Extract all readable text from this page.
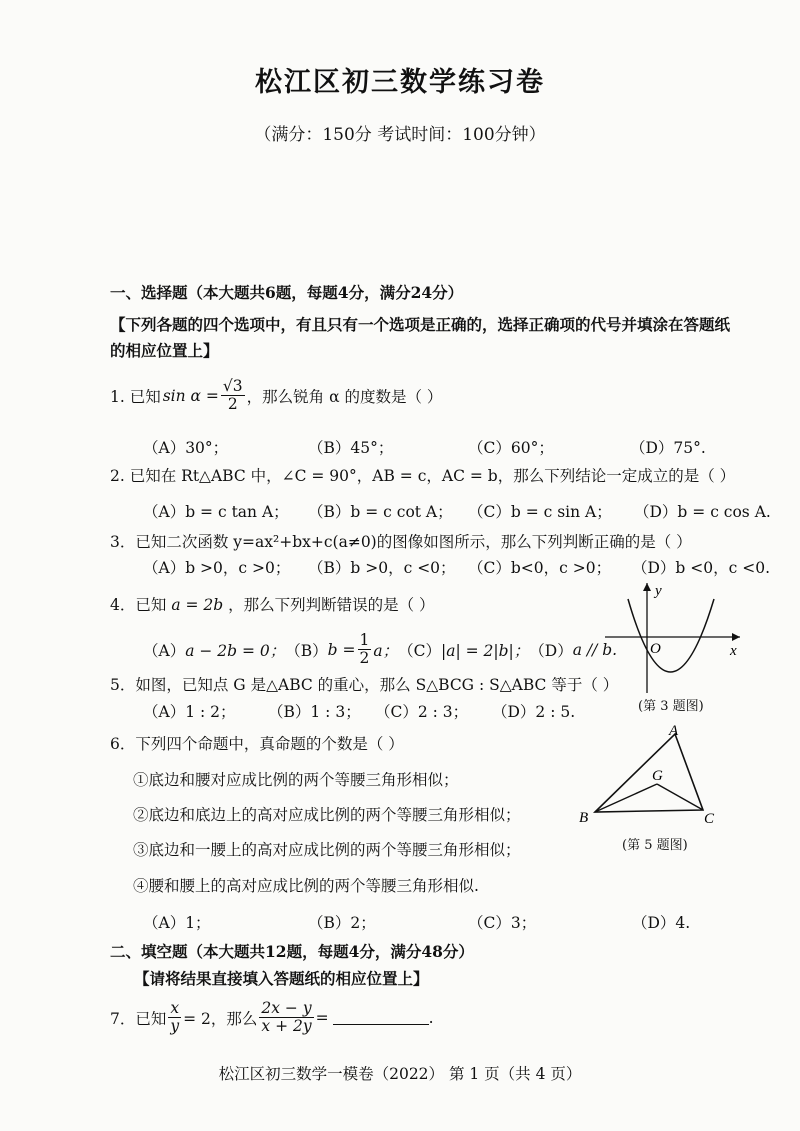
松江区初三数学练习卷
（满分：150分 考试时间：100分钟）
一、选择题（本大题共6题，每题4分，满分24分）
【下列各题的四个选项中，有且只有一个选项是正确的，选择正确项的代号并填涂在答题纸
的相应位置上】
1. 已知 $\sin \alpha = \frac{√3}{2}$ ，那么锐角 α 的度数是（ ）
（A）30°；	（B）45°；	（C）60°；	（D）75°.
2. 已知在 Rt△ABC 中，∠C = 90°，AB = c，AC = b，那么下列结论一定成立的是（ ）
（A）b = c tan A； （B）b = c cot A； （C）b = c sin A； （D）b = c cos A.
3．已知二次函数 y=ax²+bx+c(a≠0)的图像如图所示，那么下列判断正确的是（ ）
（A）b >0，c >0； （B）b >0，c <0； （C）b<0，c >0； （D）b <0，c <0.
4．已知 a = 2b ，那么下列判断错误的是（ ）
（A） a − 2b = 0； （B） $b = \frac{1}{2}$ a； （C） |a| = 2|b|； （D） a // b.
y
x
O
(第 3 题图)
5．如图，已知点 G 是△ABC 的重心，那么 S△BCG : S△ABC 等于（ ）
（A）1 : 2； （B）1 : 3； （C）2 : 3； （D）2 : 5.
A
B	C
G
(第 5 题图)
6．下列四个命题中，真命题的个数是（ ）
①底边和腰对应成比例的两个等腰三角形相似；
②底边和底边上的高对应成比例的两个等腰三角形相似；
③底边和一腰上的高对应成比例的两个等腰三角形相似；
④腰和腰上的高对应成比例的两个等腰三角形相似.
（A）1；	（B）2；	（C）3；	（D）4.
二、填空题（本大题共12题，每题4分，满分48分）
【请将结果直接填入答题纸的相应位置上】
7．已知 $\frac{x}{y} = 2$，那么 $\frac{2x - y}{x + 2y}$ =	.
松江区初三数学一模卷（2022） 第 1 页（共 4 页）
